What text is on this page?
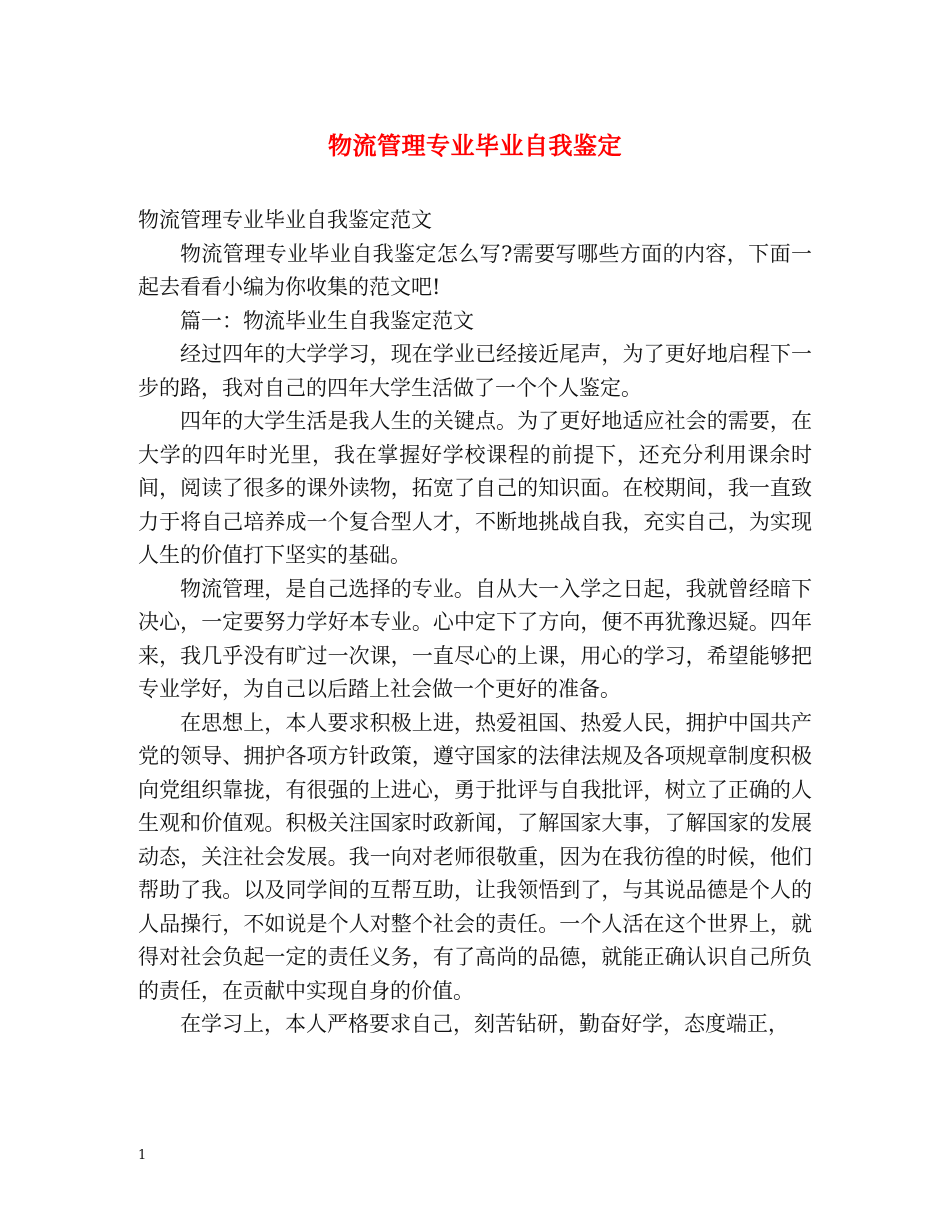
物流管理专业毕业自我鉴定

物流管理专业毕业自我鉴定范文

物流管理专业毕业自我鉴定怎么写?需要写哪些方面的内容，下面一起去看看小编为你收集的范文吧!

篇一：物流毕业生自我鉴定范文

经过四年的大学学习，现在学业已经接近尾声，为了更好地启程下一步的路，我对自己的四年大学生活做了一个个人鉴定。

四年的大学生活是我人生的关键点。为了更好地适应社会的需要，在大学的四年时光里，我在掌握好学校课程的前提下，还充分利用课余时间，阅读了很多的课外读物，拓宽了自己的知识面。在校期间，我一直致力于将自己培养成一个复合型人才，不断地挑战自我，充实自己，为实现人生的价值打下坚实的基础。

物流管理，是自己选择的专业。自从大一入学之日起，我就曾经暗下决心，一定要努力学好本专业。心中定下了方向，便不再犹豫迟疑。四年来，我几乎没有旷过一次课，一直尽心的上课，用心的学习，希望能够把专业学好，为自己以后踏上社会做一个更好的准备。

在思想上，本人要求积极上进，热爱祖国、热爱人民，拥护中国共产党的领导、拥护各项方针政策，遵守国家的法律法规及各项规章制度积极向党组织靠拢，有很强的上进心，勇于批评与自我批评，树立了正确的人生观和价值观。积极关注国家时政新闻，了解国家大事，了解国家的发展动态，关注社会发展。我一向对老师很敬重，因为在我彷徨的时候，他们帮助了我。以及同学间的互帮互助，让我领悟到了，与其说品德是个人的人品操行，不如说是个人对整个社会的责任。一个人活在这个世界上，就得对社会负起一定的责任义务，有了高尚的品德，就能正确认识自己所负的责任，在贡献中实现自身的价值。

在学习上，本人严格要求自己，刻苦钻研，勤奋好学，态度端正，

1
